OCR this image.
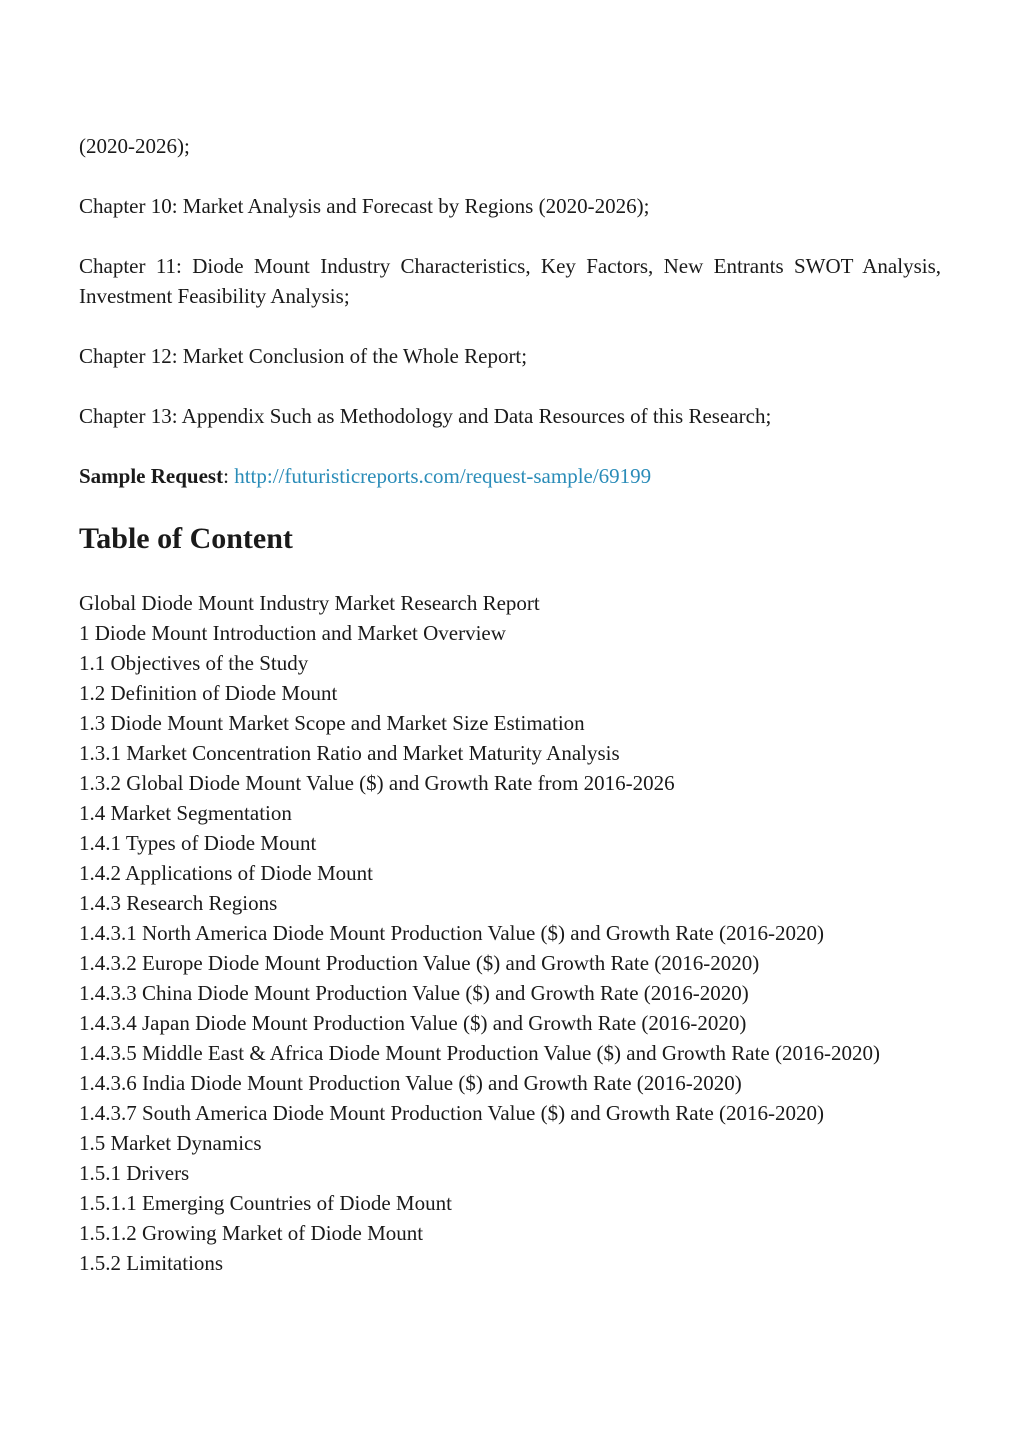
(2020-2026);

Chapter 10: Market Analysis and Forecast by Regions (2020-2026);

Chapter 11: Diode Mount Industry Characteristics, Key Factors, New Entrants SWOT Analysis, Investment Feasibility Analysis;

Chapter 12: Market Conclusion of the Whole Report;

Chapter 13: Appendix Such as Methodology and Data Resources of this Research;

Sample Request: http://futuristicreports.com/request-sample/69199

Table of Content
Global Diode Mount Industry Market Research Report
1 Diode Mount Introduction and Market Overview
1.1 Objectives of the Study
1.2 Definition of Diode Mount
1.3 Diode Mount Market Scope and Market Size Estimation
1.3.1 Market Concentration Ratio and Market Maturity Analysis
1.3.2 Global Diode Mount Value ($) and Growth Rate from 2016-2026
1.4 Market Segmentation
1.4.1 Types of Diode Mount
1.4.2 Applications of Diode Mount
1.4.3 Research Regions
1.4.3.1 North America Diode Mount Production Value ($) and Growth Rate (2016-2020)
1.4.3.2 Europe Diode Mount Production Value ($) and Growth Rate (2016-2020)
1.4.3.3 China Diode Mount Production Value ($) and Growth Rate (2016-2020)
1.4.3.4 Japan Diode Mount Production Value ($) and Growth Rate (2016-2020)
1.4.3.5 Middle East & Africa Diode Mount Production Value ($) and Growth Rate (2016-2020)
1.4.3.6 India Diode Mount Production Value ($) and Growth Rate (2016-2020)
1.4.3.7 South America Diode Mount Production Value ($) and Growth Rate (2016-2020)
1.5 Market Dynamics
1.5.1 Drivers
1.5.1.1 Emerging Countries of Diode Mount
1.5.1.2 Growing Market of Diode Mount
1.5.2 Limitations
